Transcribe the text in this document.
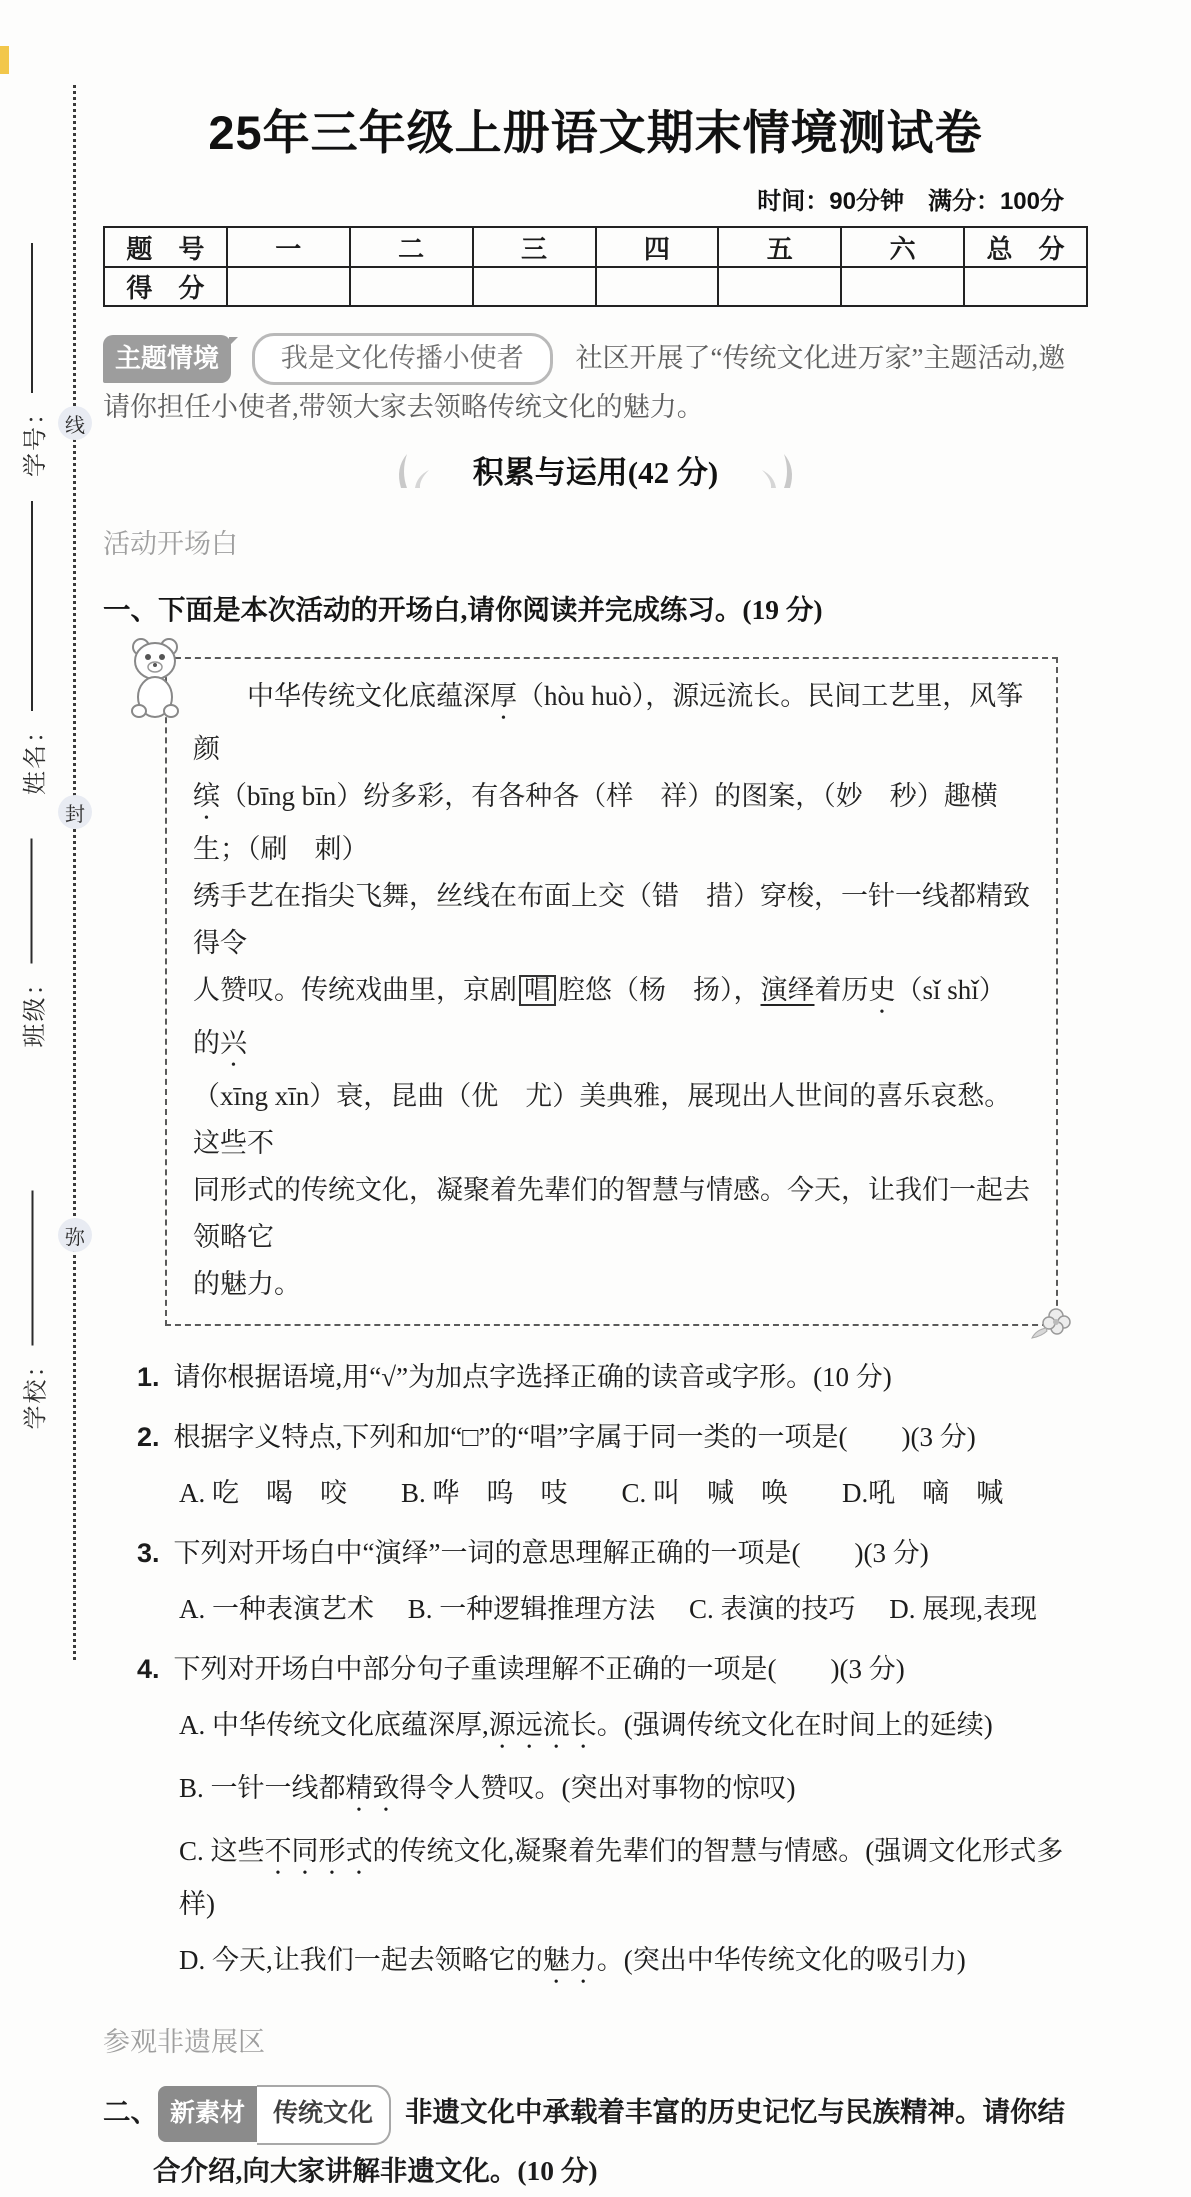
学号：
姓名：
班级：
学校：
线
封
弥
25年三年级上册语文期末情境测试卷
时间：90分钟　满分：100分
题　号	一	二	三	四	五	六	总　分
得　分							

主题情境 我是文化传播小使者 社区开展了“传统文化进万家”主题活动,邀请你担任小使者,带领大家去领略传统文化的魅力。

积累与运用(42 分)
活动开场白
一、下面是本次活动的开场白,请你阅读并完成练习。(19 分)
　　中华传统文化底蕴深厚（hòu huò），源远流长。民间工艺里，风筝颜
缤（bīng bīn）纷多彩，有各种各（样　祥）的图案，（妙　秒）趣横生；（刷　刺）
绣手艺在指尖飞舞，丝线在布面上交（错　措）穿梭，一针一线都精致得令
人赞叹。传统戏曲里，京剧 唱 腔悠（杨　扬），演绎着历史（sǐ shǐ）的兴
（xīng xīn）衰，昆曲（优　尤）美典雅，展现出人世间的喜乐哀愁。这些不
同形式的传统文化，凝聚着先辈们的智慧与情感。今天，让我们一起去领略它
的魅力。
1. 请你根据语境,用“√”为加点字选择正确的读音或字形。(10 分)
2. 根据字义特点,下列和加“□”的“唱”字属于同一类的一项是(　　)(3 分)
A. 吃　喝　咬　　B. 哗　呜　吱　　C. 叫　喊　唤　　D.吼　嘀　喊
3. 下列对开场白中“演绎”一词的意思理解正确的一项是(　　)(3 分)
A. 一种表演艺术　 B. 一种逻辑推理方法　 C. 表演的技巧　 D. 展现,表现
4. 下列对开场白中部分句子重读理解不正确的一项是(　　)(3 分)
A. 中华传统文化底蕴深厚,源远流长。(强调传统文化在时间上的延续)
B. 一针一线都精致得令人赞叹。(突出对事物的惊叹)
C. 这些不同形式的传统文化,凝聚着先辈们的智慧与情感。(强调文化形式多样)
D. 今天,让我们一起去领略它的魅力。(突出中华传统文化的吸引力)
参观非遗展区
二、 新素材 传统文化 非遗文化中承载着丰富的历史记忆与民族精神。请你结合介绍,向大家讲解非遗文化。(10 分)
